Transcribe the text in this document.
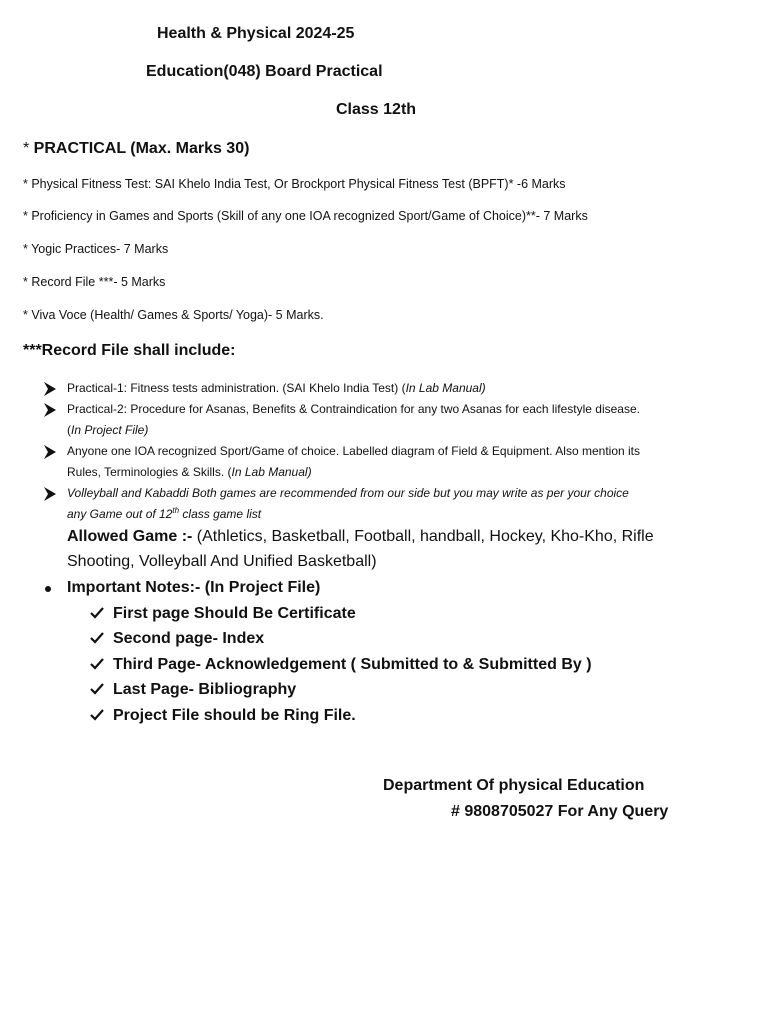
Health & Physical 2024-25
Education(048) Board Practical
Class 12th
* PRACTICAL (Max. Marks 30)
* Physical Fitness Test: SAI Khelo India Test, Or Brockport Physical Fitness Test (BPFT)* -6 Marks
* Proficiency in Games and Sports (Skill of any one IOA recognized Sport/Game of Choice)**- 7 Marks
* Yogic Practices- 7 Marks
* Record File ***- 5 Marks
* Viva Voce (Health/ Games & Sports/ Yoga)- 5 Marks.
***Record File shall include:
Practical-1: Fitness tests administration. (SAI Khelo India Test) (In Lab Manual)
Practical-2: Procedure for Asanas, Benefits & Contraindication for any two Asanas for each lifestyle disease.
(In Project File)
Anyone one IOA recognized Sport/Game of choice. Labelled diagram of Field & Equipment. Also mention its
Rules, Terminologies & Skills. (In Lab Manual)
Volleyball and Kabaddi Both games are recommended from our side but you may write as per your choice
any Game out of 12th class game list
Allowed Game :- (Athletics, Basketball, Football, handball, Hockey, Kho-Kho, Rifle
Shooting, Volleyball And Unified Basketball)
Important Notes:- (In Project File)
First page Should Be Certificate
Second page- Index
Third Page- Acknowledgement ( Submitted to & Submitted By )
Last Page- Bibliography
Project File should be Ring File.
Department Of physical Education
# 9808705027 For Any Query
